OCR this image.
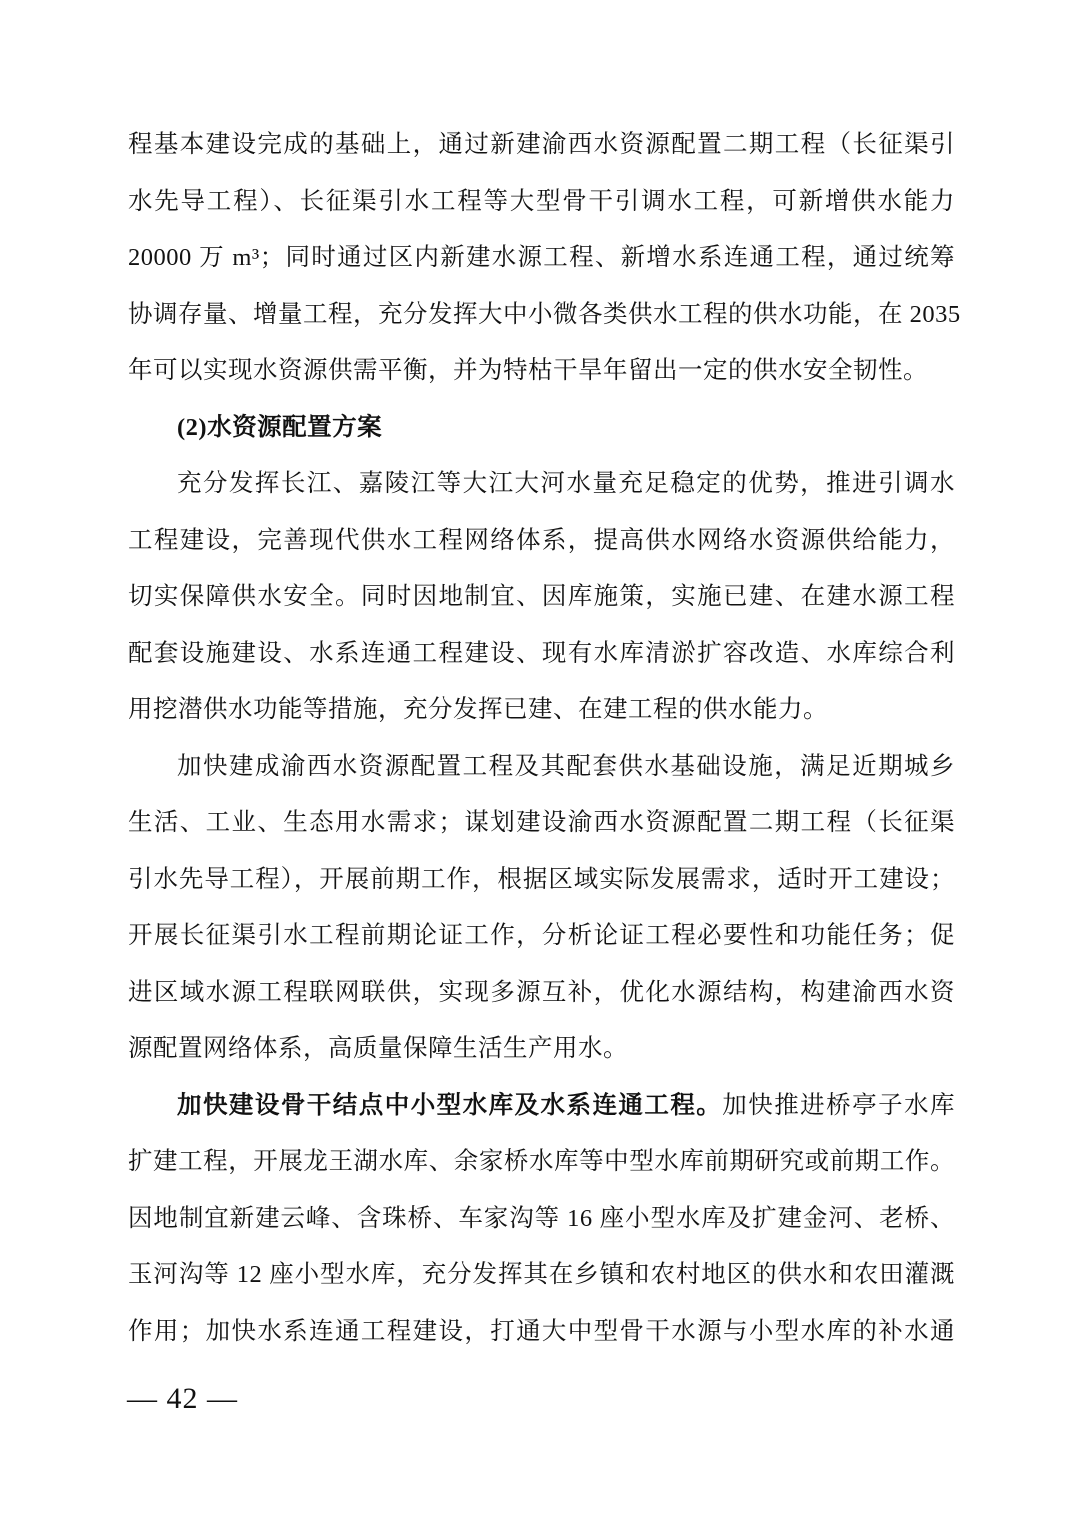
程基本建设完成的基础上，通过新建渝西水资源配置二期工程（长征渠引
水先导工程）、长征渠引水工程等大型骨干引调水工程，可新增供水能力
20000 万 m³；同时通过区内新建水源工程、新增水系连通工程，通过统筹
协调存量、增量工程，充分发挥大中小微各类供水工程的供水功能，在 2035
年可以实现水资源供需平衡，并为特枯干旱年留出一定的供水安全韧性。
(2)水资源配置方案
充分发挥长江、嘉陵江等大江大河水量充足稳定的优势，推进引调水
工程建设，完善现代供水工程网络体系，提高供水网络水资源供给能力，
切实保障供水安全。同时因地制宜、因库施策，实施已建、在建水源工程
配套设施建设、水系连通工程建设、现有水库清淤扩容改造、水库综合利
用挖潜供水功能等措施，充分发挥已建、在建工程的供水能力。
加快建成渝西水资源配置工程及其配套供水基础设施，满足近期城乡
生活、工业、生态用水需求；谋划建设渝西水资源配置二期工程（长征渠
引水先导工程），开展前期工作，根据区域实际发展需求，适时开工建设；
开展长征渠引水工程前期论证工作，分析论证工程必要性和功能任务；促
进区域水源工程联网联供，实现多源互补，优化水源结构，构建渝西水资
源配置网络体系，高质量保障生活生产用水。
加快建设骨干结点中小型水库及水系连通工程。加快推进桥亭子水库
扩建工程，开展龙王湖水库、余家桥水库等中型水库前期研究或前期工作。
因地制宜新建云峰、含珠桥、车家沟等 16 座小型水库及扩建金河、老桥、
玉河沟等 12 座小型水库，充分发挥其在乡镇和农村地区的供水和农田灌溉
作用；加快水系连通工程建设，打通大中型骨干水源与小型水库的补水通
— 42 —
